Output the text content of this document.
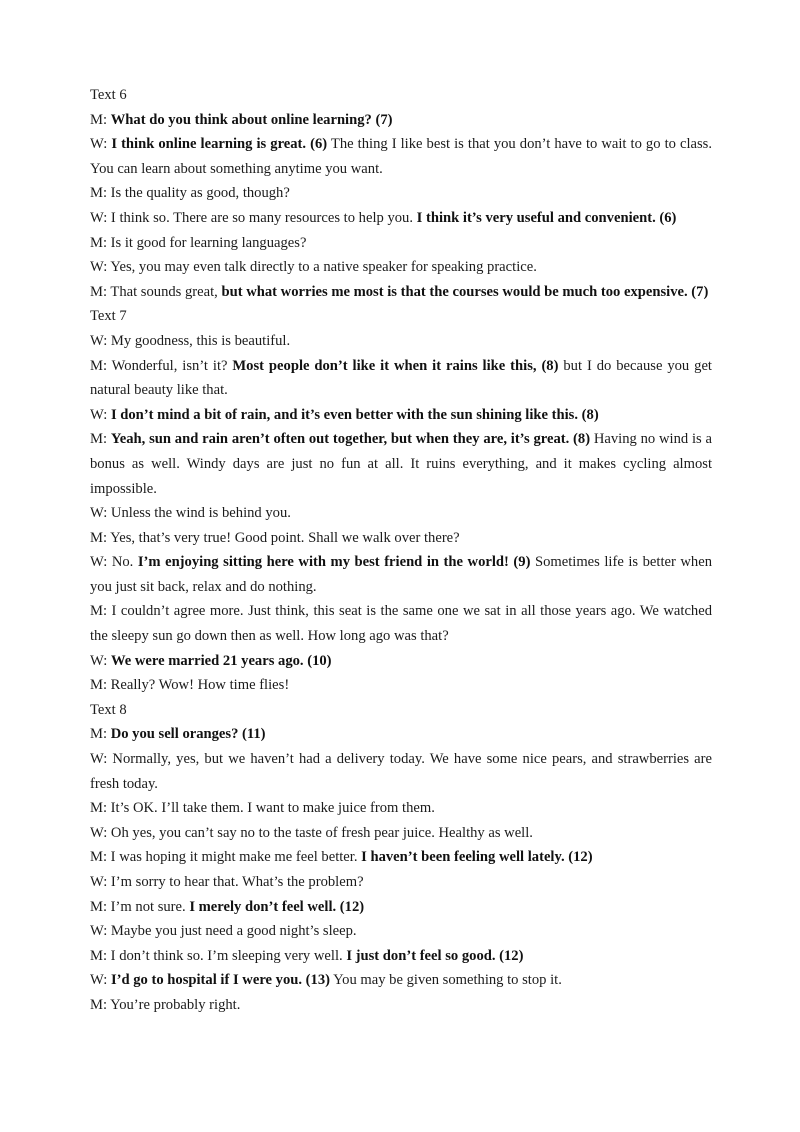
Text 6

M: What do you think about online learning? (7)

W: I think online learning is great. (6) The thing I like best is that you don’t have to wait to go to class. You can learn about something anytime you want.

M: Is the quality as good, though?

W: I think so. There are so many resources to help you. I think it’s very useful and convenient. (6)

M: Is it good for learning languages?

W: Yes, you may even talk directly to a native speaker for speaking practice.

M: That sounds great, but what worries me most is that the courses would be much too expensive. (7)

Text 7

W: My goodness, this is beautiful.

M: Wonderful, isn’t it? Most people don’t like it when it rains like this, (8) but I do because you get natural beauty like that.

W: I don’t mind a bit of rain, and it’s even better with the sun shining like this. (8)

M: Yeah, sun and rain aren’t often out together, but when they are, it’s great. (8) Having no wind is a bonus as well. Windy days are just no fun at all. It ruins everything, and it makes cycling almost impossible.

W: Unless the wind is behind you.

M: Yes, that’s very true! Good point. Shall we walk over there?

W: No. I’m enjoying sitting here with my best friend in the world! (9) Sometimes life is better when you just sit back, relax and do nothing.

M: I couldn’t agree more. Just think, this seat is the same one we sat in all those years ago. We watched the sleepy sun go down then as well. How long ago was that?

W: We were married 21 years ago. (10)

M: Really? Wow! How time flies!

Text 8

M: Do you sell oranges? (11)

W: Normally, yes, but we haven’t had a delivery today. We have some nice pears, and strawberries are fresh today.

M: It’s OK. I’ll take them. I want to make juice from them.

W: Oh yes, you can’t say no to the taste of fresh pear juice. Healthy as well.

M: I was hoping it might make me feel better. I haven’t been feeling well lately. (12)

W: I’m sorry to hear that. What’s the problem?

M: I’m not sure. I merely don’t feel well. (12)

W: Maybe you just need a good night’s sleep.

M: I don’t think so. I’m sleeping very well. I just don’t feel so good. (12)

W: I’d go to hospital if I were you. (13) You may be given something to stop it.

M: You’re probably right.
